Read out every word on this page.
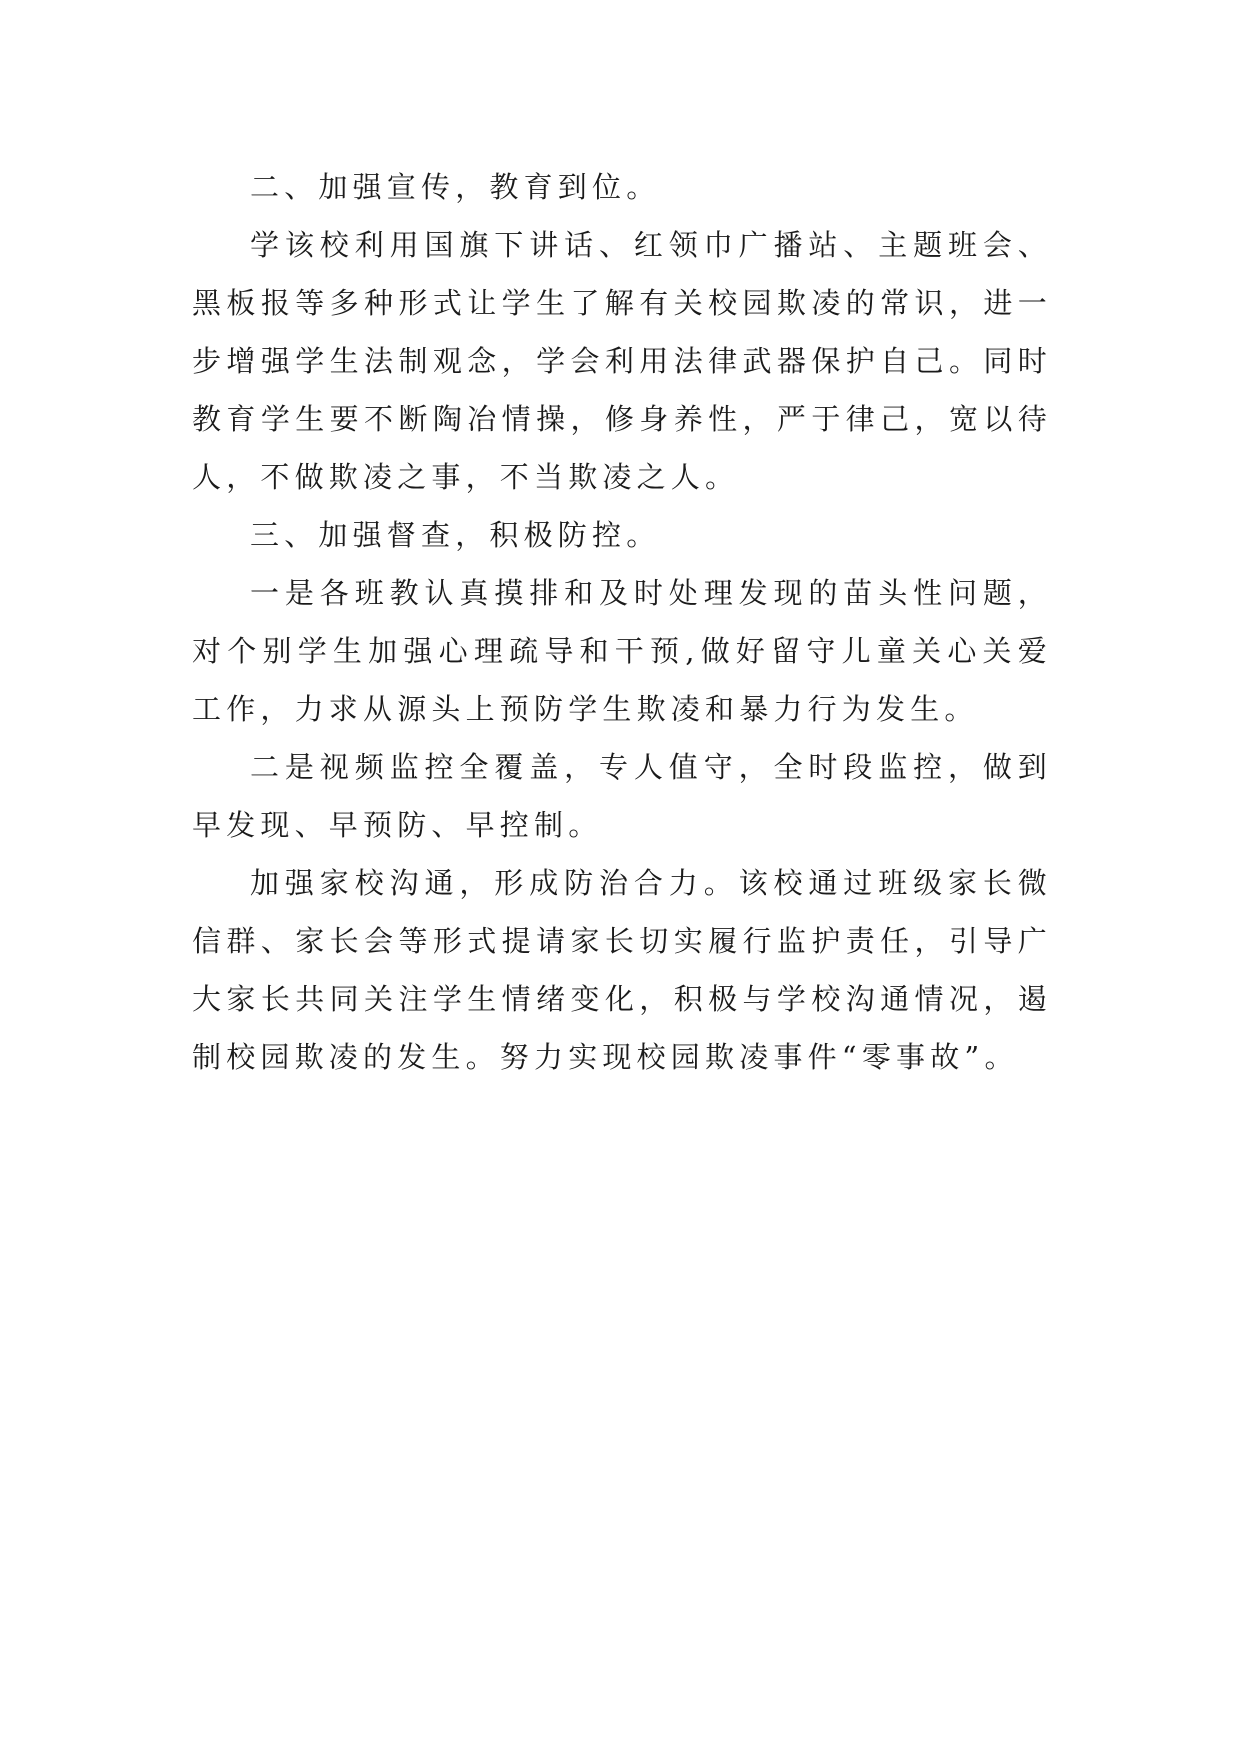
二、加强宣传，教育到位。

学该校利用国旗下讲话、红领巾广播站、主题班会、黑板报等多种形式让学生了解有关校园欺凌的常识，进一步增强学生法制观念，学会利用法律武器保护自己。同时教育学生要不断陶冶情操，修身养性，严于律己，宽以待人，不做欺凌之事，不当欺凌之人。

三、加强督查，积极防控。

一是各班教认真摸排和及时处理发现的苗头性问题，对个别学生加强心理疏导和干预,做好留守儿童关心关爱工作，力求从源头上预防学生欺凌和暴力行为发生。

二是视频监控全覆盖，专人值守，全时段监控，做到早发现、早预防、早控制。

加强家校沟通，形成防治合力。该校通过班级家长微信群、家长会等形式提请家长切实履行监护责任，引导广大家长共同关注学生情绪变化，积极与学校沟通情况，遏制校园欺凌的发生。努力实现校园欺凌事件“零事故”。
